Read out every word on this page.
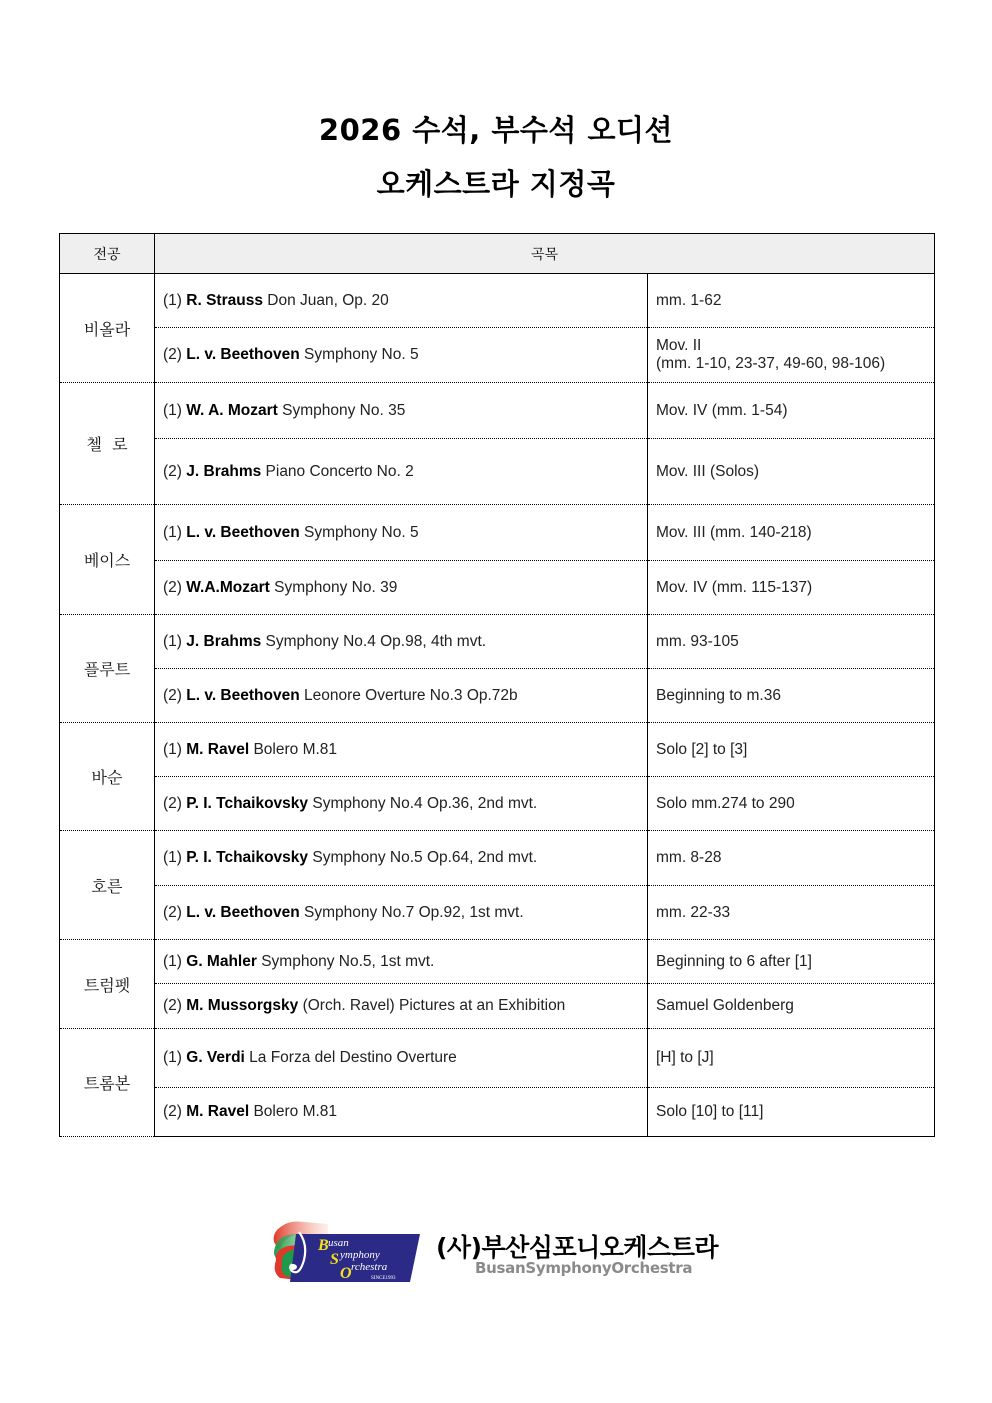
2026 수석, 부수석 오디션
오케스트라 지정곡
전공	곡목	
비올라	(1) R. Strauss Don Juan, Op. 20	mm. 1-62

	(2) L. v. Beethoven Symphony No. 5	Mov. II
(mm. 1-10, 23-37, 49-60, 98-106)

첼  로	(1) W. A. Mozart Symphony No. 35	Mov. IV (mm. 1-54)

	(2) J. Brahms Piano Concerto No. 2	Mov. III (Solos)

베이스	(1) L. v. Beethoven Symphony No. 5	Mov. III (mm. 140-218)

	(2) W.A.Mozart Symphony No. 39	Mov. IV (mm. 115-137)

플루트	(1) J. Brahms Symphony No.4 Op.98, 4th mvt.	mm. 93-105

	(2) L. v. Beethoven Leonore Overture No.3 Op.72b	Beginning to m.36

바순	(1) M. Ravel Bolero M.81	Solo [2] to [3]

	(2) P. I. Tchaikovsky Symphony No.4 Op.36, 2nd mvt.	Solo mm.274 to 290

호른	(1) P. I. Tchaikovsky Symphony No.5 Op.64, 2nd mvt.	mm. 8-28

	(2) L. v. Beethoven Symphony No.7 Op.92, 1st mvt.	mm. 22-33

트럼펫	(1) G. Mahler Symphony No.5, 1st mvt.	Beginning to 6 after [1]

	(2) M. Mussorgsky (Orch. Ravel) Pictures at an Exhibition	Samuel Goldenberg

트롬본	(1) G. Verdi La Forza del Destino Overture	[H] to [J]

	(2) M. Ravel Bolero M.81	Solo [10] to [11]
B usan
S ymphony
O rchestra
SINCE1993
(사)부산심포니오케스트라
BusanSymphonyOrchestra
